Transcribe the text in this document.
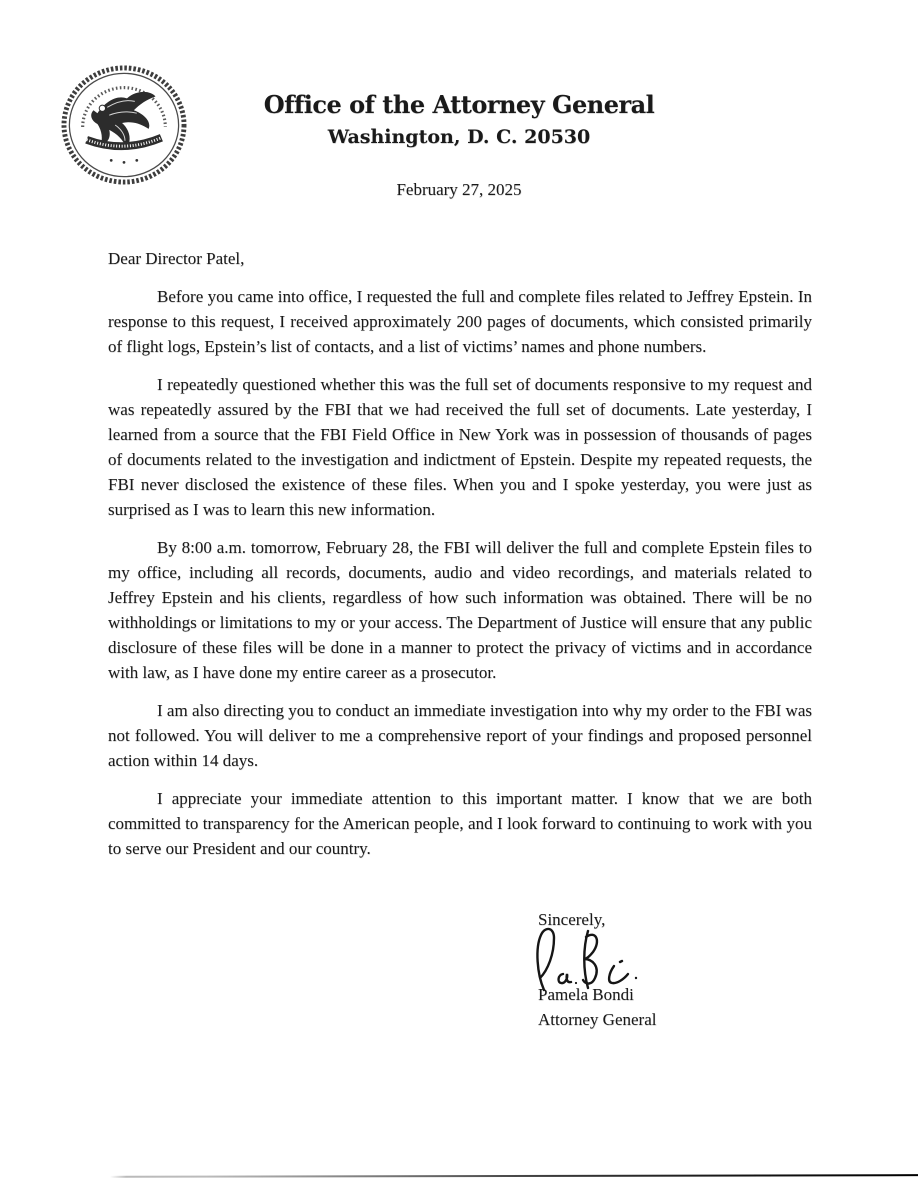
Office of the Attorney General
Washington, D. C. 20530
February 27, 2025
Dear Director Patel,

Before you came into office, I requested the full and complete files related to Jeffrey Epstein. In response to this request, I received approximately 200 pages of documents, which consisted primarily of flight logs, Epstein’s list of contacts, and a list of victims’ names and phone numbers.

I repeatedly questioned whether this was the full set of documents responsive to my request and was repeatedly assured by the FBI that we had received the full set of documents. Late yesterday, I learned from a source that the FBI Field Office in New York was in possession of thousands of pages of documents related to the investigation and indictment of Epstein. Despite my repeated requests, the FBI never disclosed the existence of these files. When you and I spoke yesterday, you were just as surprised as I was to learn this new information.

By 8:00 a.m. tomorrow, February 28, the FBI will deliver the full and complete Epstein files to my office, including all records, documents, audio and video recordings, and materials related to Jeffrey Epstein and his clients, regardless of how such information was obtained. There will be no withholdings or limitations to my or your access. The Department of Justice will ensure that any public disclosure of these files will be done in a manner to protect the privacy of victims and in accordance with law, as I have done my entire career as a prosecutor.

I am also directing you to conduct an immediate investigation into why my order to the FBI was not followed. You will deliver to me a comprehensive report of your findings and proposed personnel action within 14 days.

I appreciate your immediate attention to this important matter. I know that we are both committed to transparency for the American people, and I look forward to continuing to work with you to serve our President and our country.

Sincerely,
Pamela Bondi
Attorney General
